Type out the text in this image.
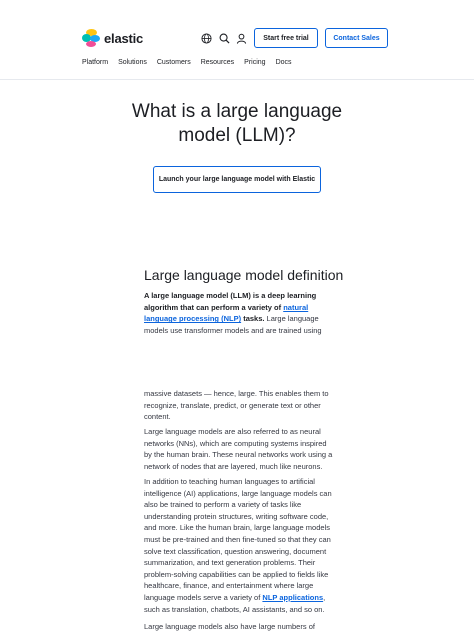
elastic	Start free trial	Contact Sales
Platform Solutions Customers Resources Pricing Docs
What is a large language model (LLM)?
Launch your large language model with Elastic
Large language model definition

A large language model (LLM) is a deep learning algorithm that can perform a variety of natural language processing (NLP) tasks. Large language models use transformer models and are trained using

massive datasets — hence, large. This enables them to recognize, translate, predict, or generate text or other content.

Large language models are also referred to as neural networks (NNs), which are computing systems inspired by the human brain. These neural networks work using a network of nodes that are layered, much like neurons.

In addition to teaching human languages to artificial intelligence (AI) applications, large language models can also be trained to perform a variety of tasks like understanding protein structures, writing software code, and more. Like the human brain, large language models must be pre-trained and then fine-tuned so that they can solve text classification, question answering, document summarization, and text generation problems. Their problem-solving capabilities can be applied to fields like healthcare, finance, and entertainment where large language models serve a variety of NLP applications, such as translation, chatbots, AI assistants, and so on.

Large language models also have large numbers of
